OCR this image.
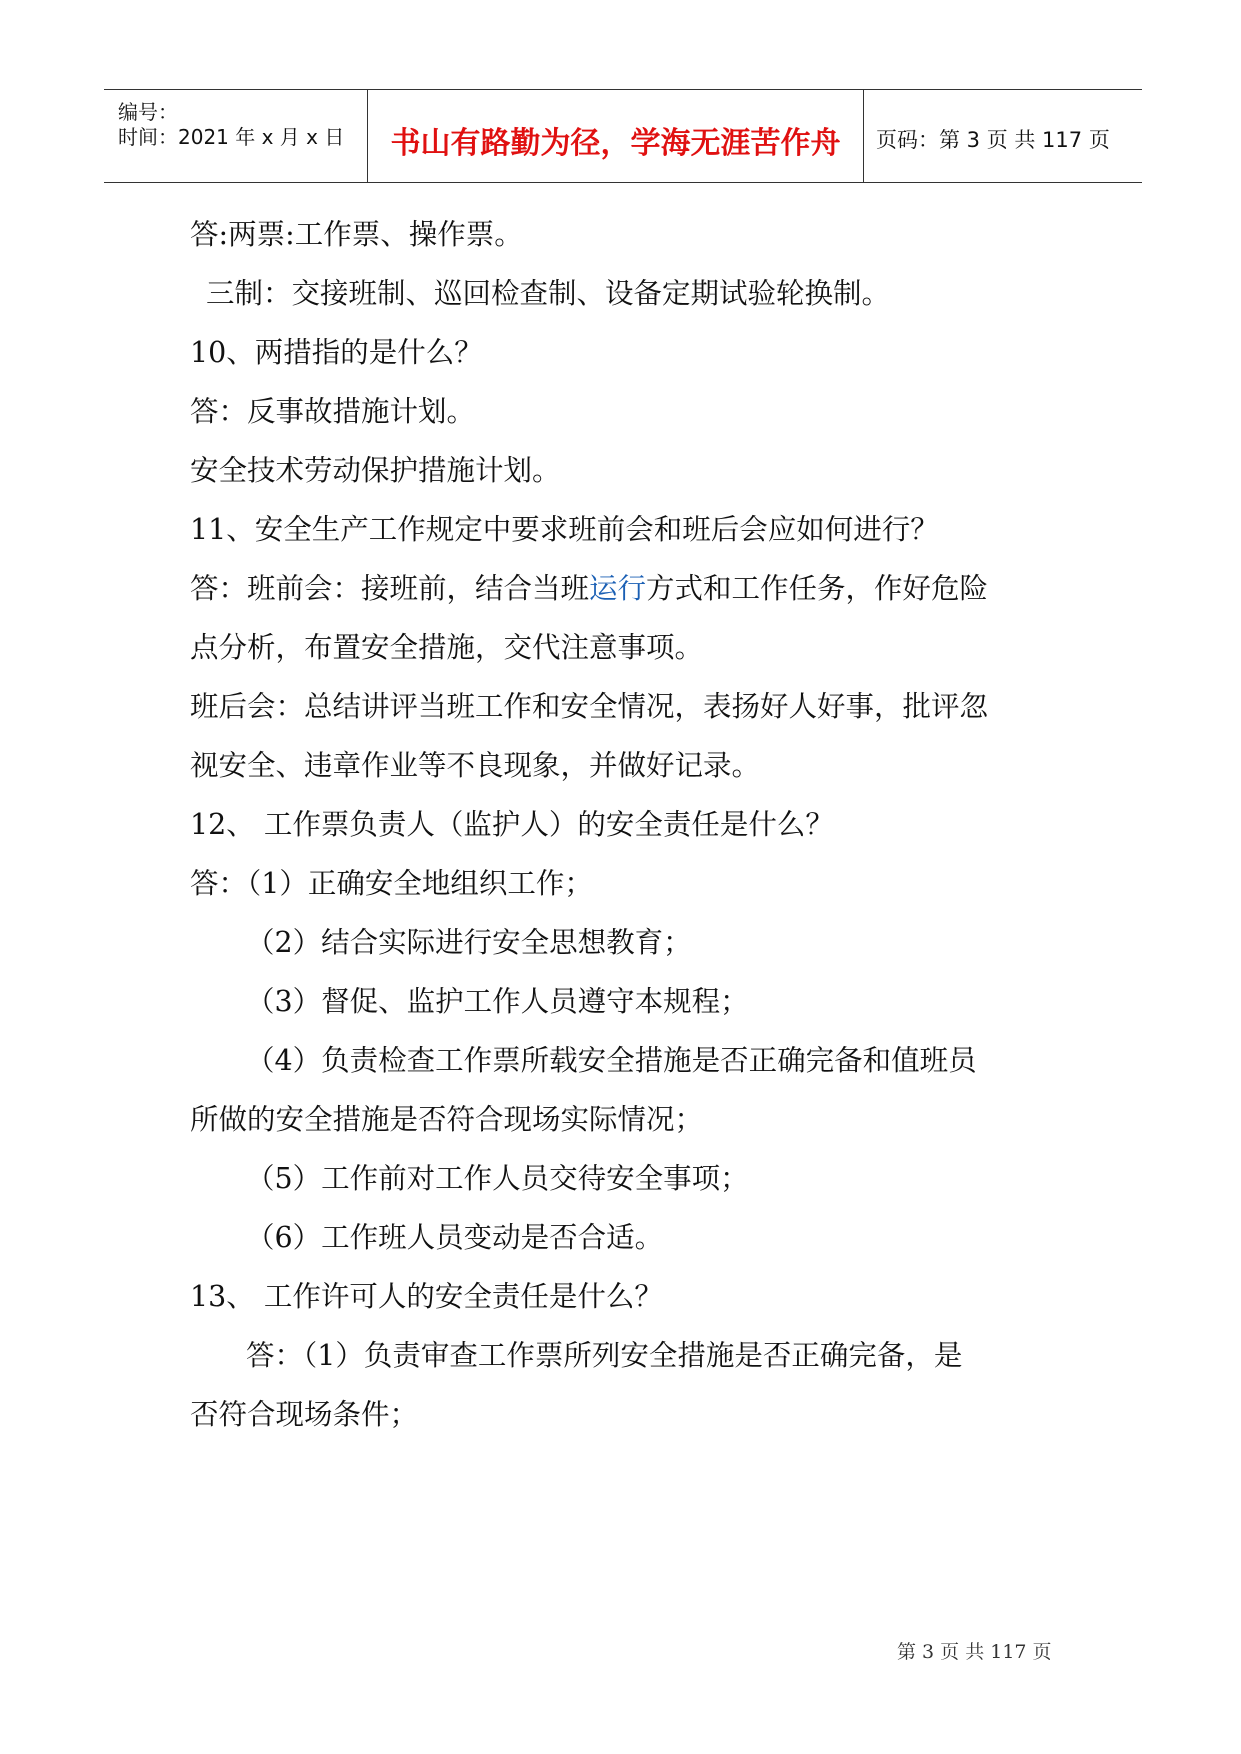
编号：
时间：2021 年 x 月 x 日	书山有路勤为径，学海无涯苦作舟	页码：第 3 页 共 117 页
答:两票:工作票、操作票。
三制：交接班制、巡回检查制、设备定期试验轮换制。
10、两措指的是什么？
答：反事故措施计划。
安全技术劳动保护措施计划。
11、安全生产工作规定中要求班前会和班后会应如何进行？
答：班前会：接班前，结合当班运行方式和工作任务，作好危险
点分析，布置安全措施，交代注意事项。
班后会：总结讲评当班工作和安全情况，表扬好人好事，批评忽
视安全、违章作业等不良现象，并做好记录。
12、 工作票负责人（监护人）的安全责任是什么？
答：（1）正确安全地组织工作；
（2）结合实际进行安全思想教育；
（3）督促、监护工作人员遵守本规程；
（4）负责检查工作票所载安全措施是否正确完备和值班员
所做的安全措施是否符合现场实际情况；
（5）工作前对工作人员交待安全事项；
（6）工作班人员变动是否合适。
13、 工作许可人的安全责任是什么？
答：（1）负责审查工作票所列安全措施是否正确完备，是
否符合现场条件；
第 3 页 共 117 页
